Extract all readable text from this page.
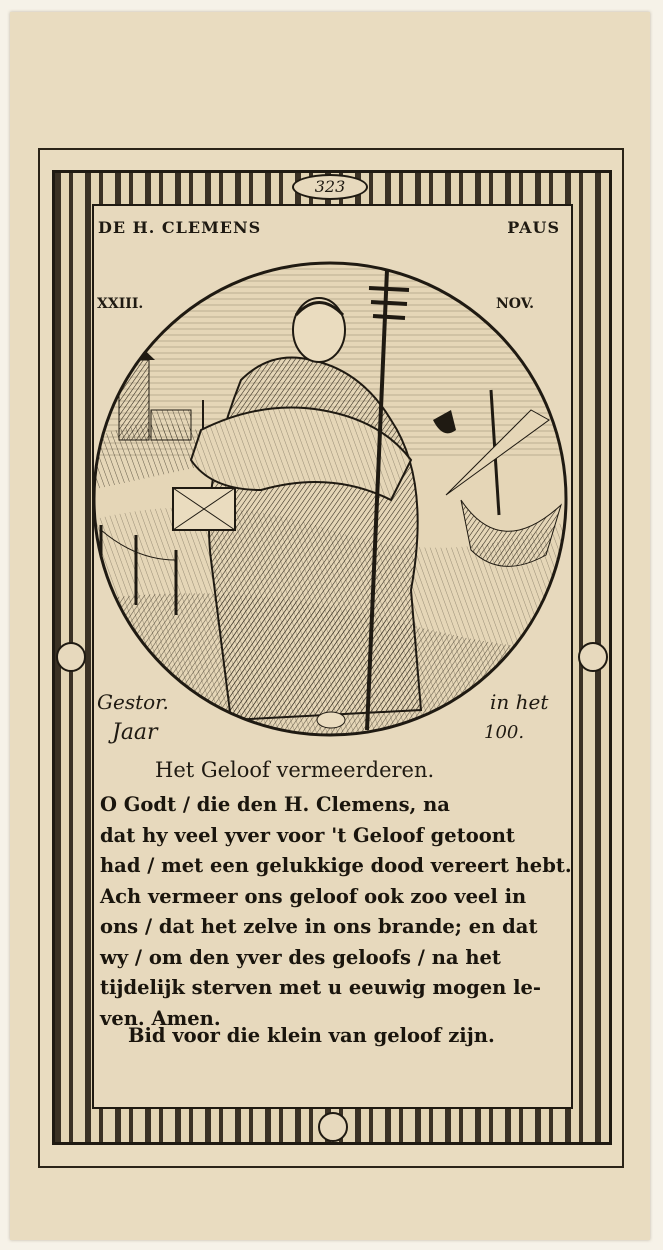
323
DE H. CLEMENS	PAUS
XXIII.	NOV.
Gestor.	in het
Jaar	100.
Het Geloof vermeerderen.

O Godt / die den H. Clemens, na
dat hy veel yver voor 't Geloof getoont
had / met een gelukkige dood vereert hebt.
Ach vermeer ons geloof ook zoo veel in
ons / dat het zelve in ons brande; en dat
wy / om den yver des geloofs / na het
tijdelijk sterven met u eeuwig mogen le-
ven. Amen.

Bid voor die klein van geloof zijn.
